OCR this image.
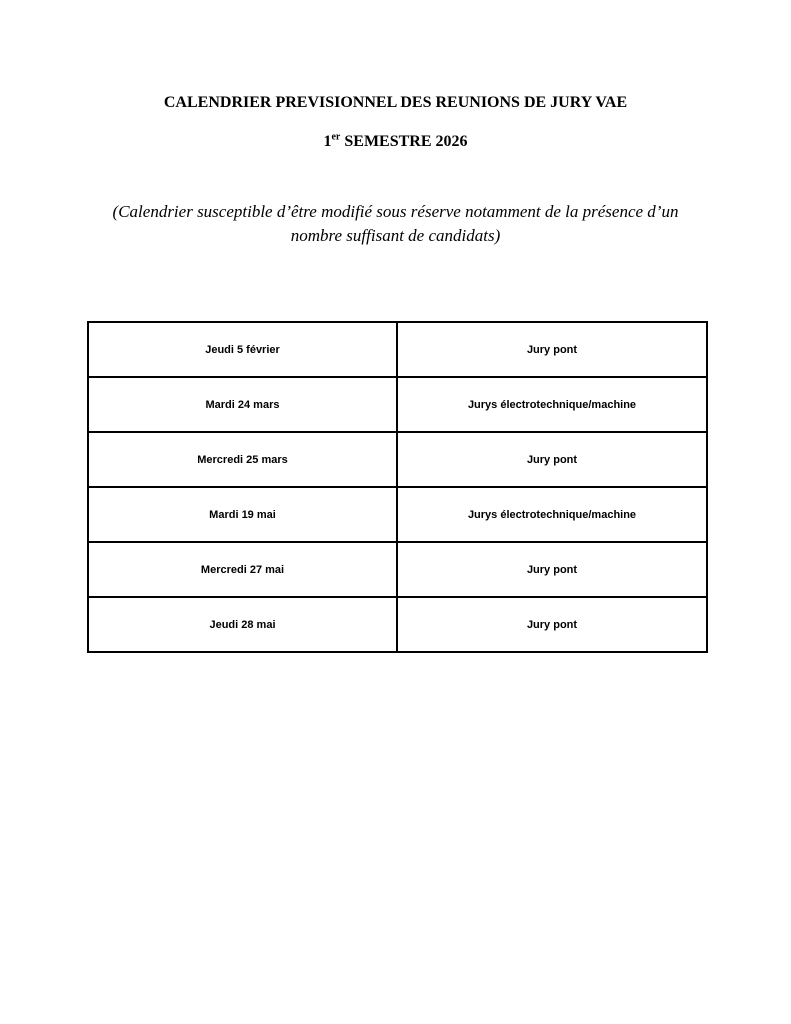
CALENDRIER PREVISIONNEL DES REUNIONS DE JURY VAE
1er SEMESTRE 2026

(Calendrier susceptible d’être modifié sous réserve notamment de la présence d’un
nombre suffisant de candidats)

Jeudi 5 février	Jury pont
Mardi 24 mars	Jurys électrotechnique/machine
Mercredi 25 mars	Jury pont
Mardi 19 mai	Jurys électrotechnique/machine
Mercredi 27 mai	Jury pont
Jeudi 28 mai	Jury pont
